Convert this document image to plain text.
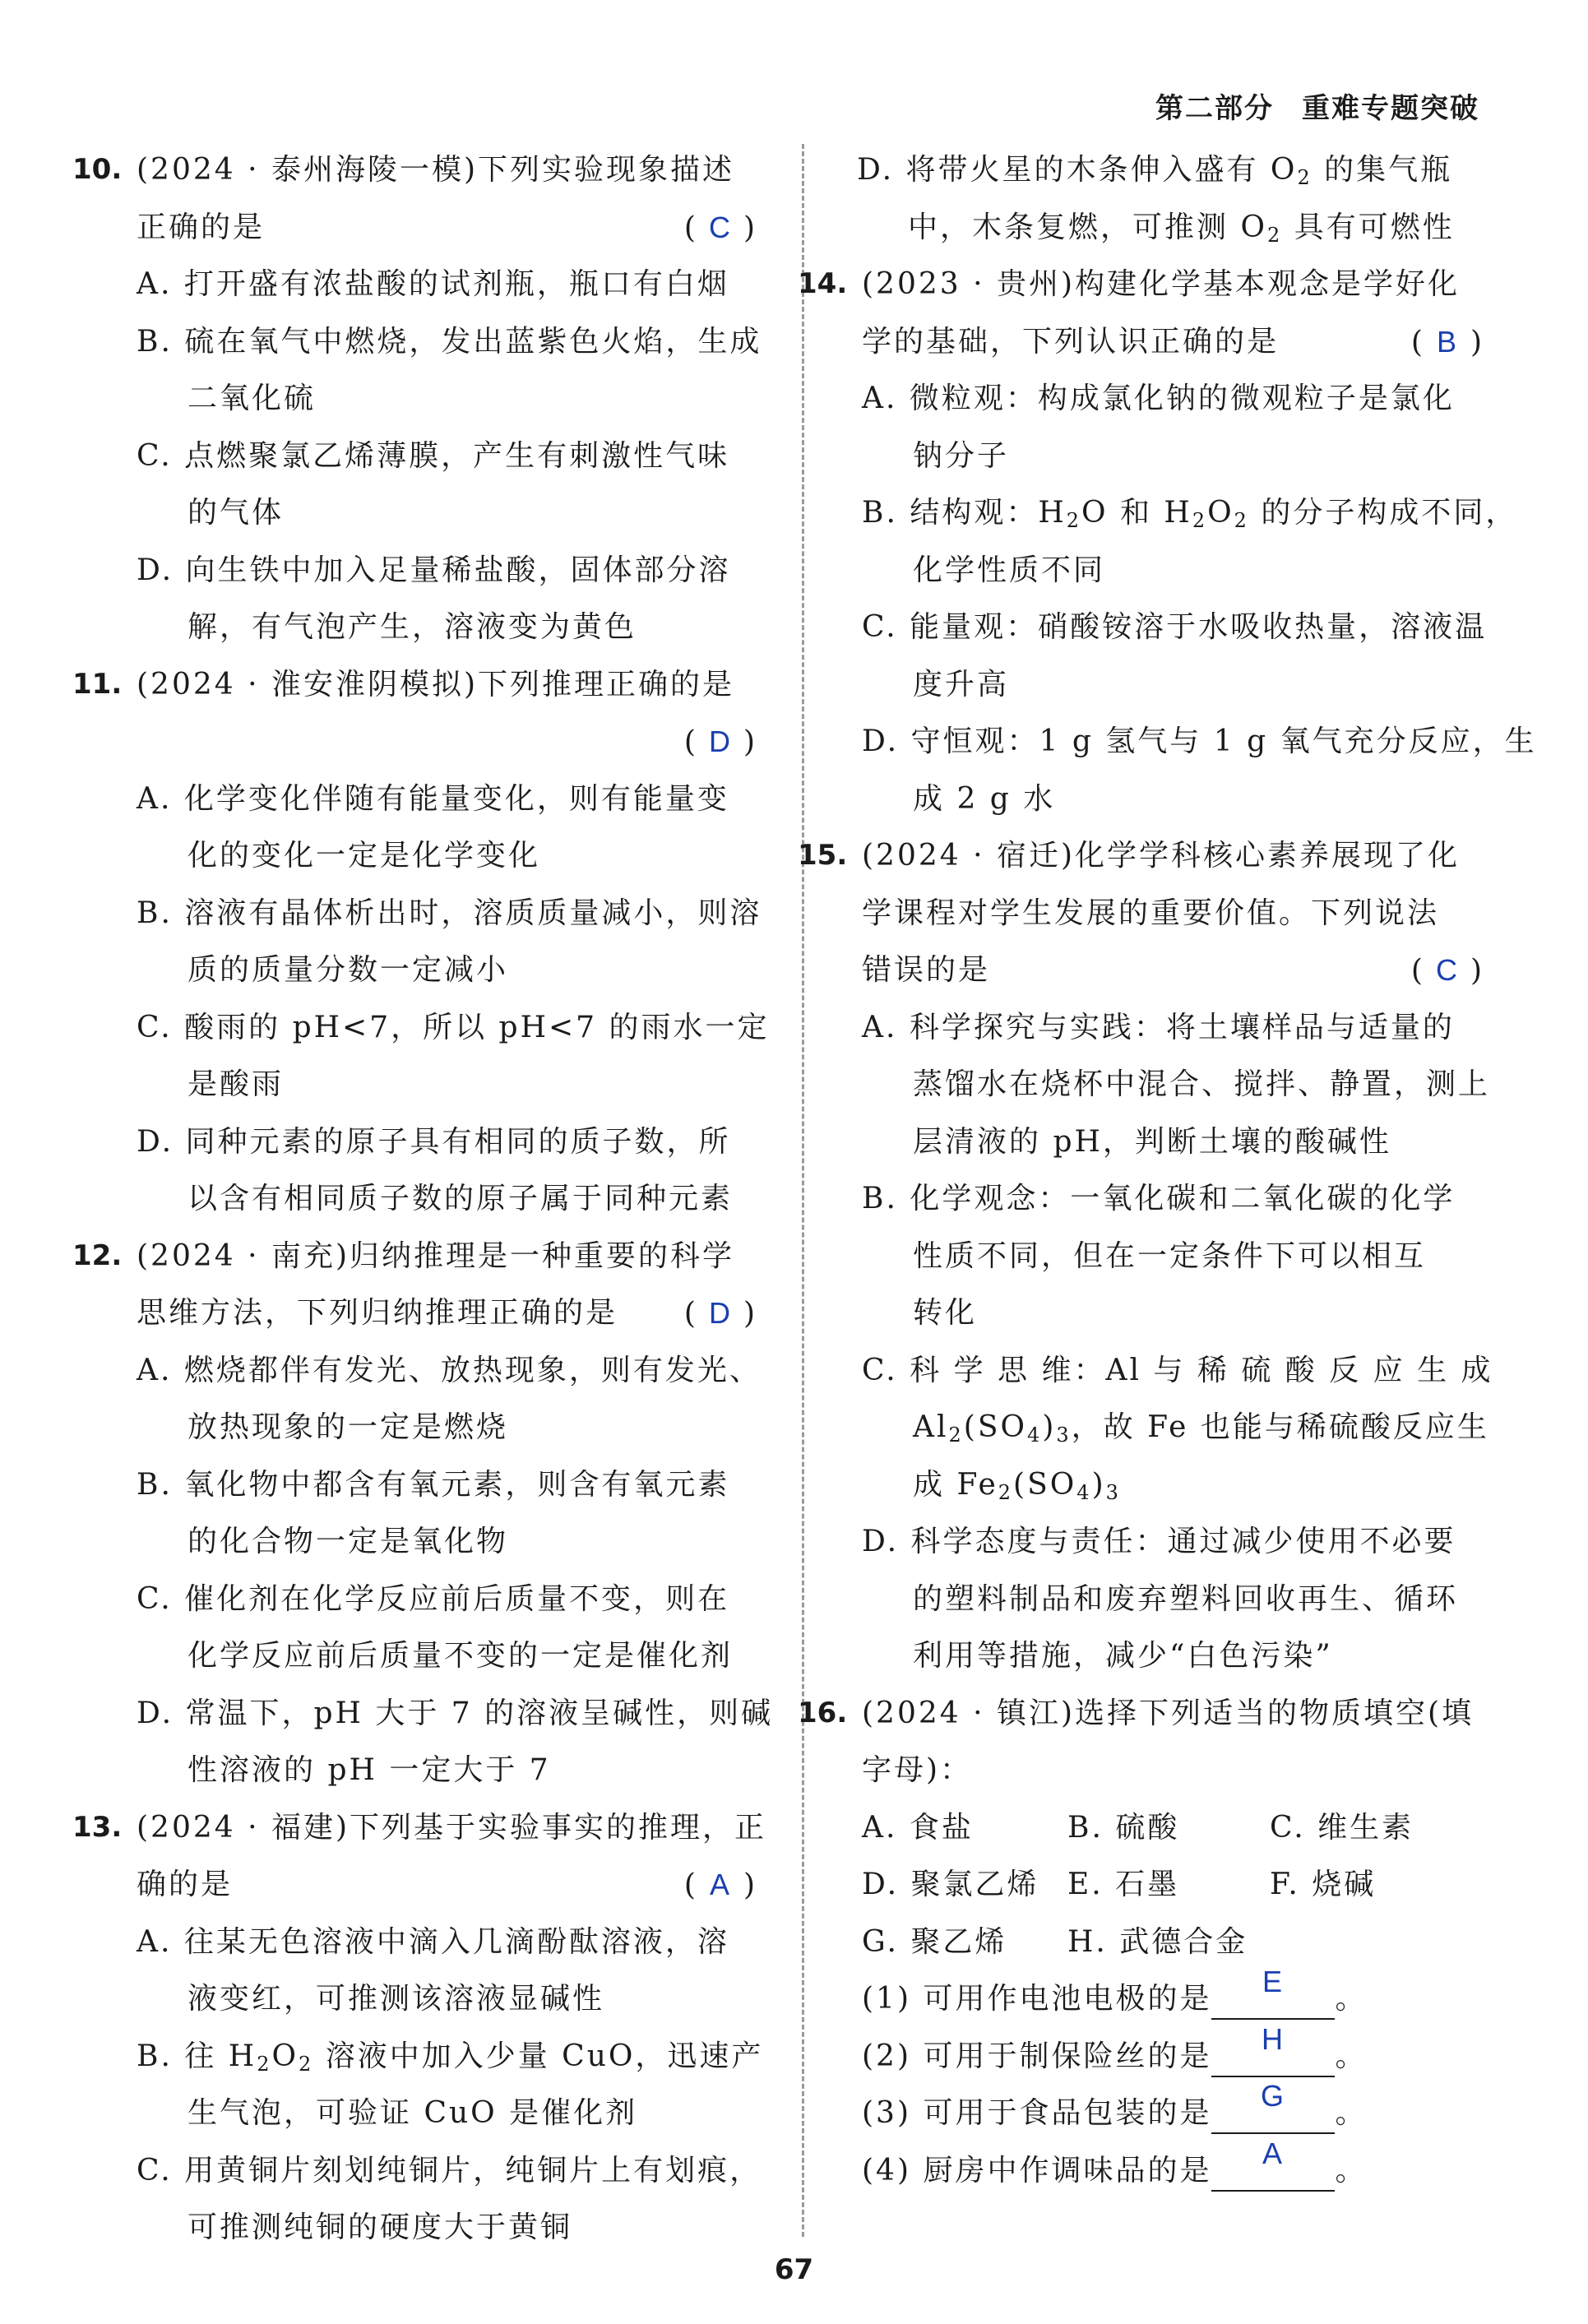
第二部分 重难专题突破
10. (2024 · 泰州海陵一模)下列实验现象描述
正确的是	( C )
A. 打开盛有浓盐酸的试剂瓶，瓶口有白烟
B. 硫在氧气中燃烧，发出蓝紫色火焰，生成
二氧化硫
C. 点燃聚氯乙烯薄膜，产生有刺激性气味
的气体
D. 向生铁中加入足量稀盐酸，固体部分溶
解，有气泡产生，溶液变为黄色
11. (2024 · 淮安淮阴模拟)下列推理正确的是
( D )
A. 化学变化伴随有能量变化，则有能量变
化的变化一定是化学变化
B. 溶液有晶体析出时，溶质质量减小，则溶
质的质量分数一定减小
C. 酸雨的 pH<7，所以 pH<7 的雨水一定
是酸雨
D. 同种元素的原子具有相同的质子数，所
以含有相同质子数的原子属于同种元素
12. (2024 · 南充)归纳推理是一种重要的科学
思维方法，下列归纳推理正确的是 ( D )
A. 燃烧都伴有发光、放热现象，则有发光、
放热现象的一定是燃烧
B. 氧化物中都含有氧元素，则含有氧元素
的化合物一定是氧化物
C. 催化剂在化学反应前后质量不变，则在
化学反应前后质量不变的一定是催化剂
D. 常温下，pH 大于 7 的溶液呈碱性，则碱
性溶液的 pH 一定大于 7
13. (2024 · 福建)下列基于实验事实的推理，正
确的是	( A )
A. 往某无色溶液中滴入几滴酚酞溶液，溶
液变红，可推测该溶液显碱性
B. 往 $H_2O_2$ 溶液中加入少量 CuO，迅速产
生气泡，可验证 CuO 是催化剂
C. 用黄铜片刻划纯铜片，纯铜片上有划痕，
可推测纯铜的硬度大于黄铜
D. 将带火星的木条伸入盛有 $O_2$ 的集气瓶
中，木条复燃，可推测 $O_2$ 具有可燃性
14. (2023 · 贵州)构建化学基本观念是学好化
学的基础，下列认识正确的是	( B )
A. 微粒观：构成氯化钠的微观粒子是氯化
钠分子
B. 结构观：$H_2O$ 和 $H_2O_2$ 的分子构成不同，
化学性质不同
C. 能量观：硝酸铵溶于水吸收热量，溶液温
度升高
D. 守恒观：1 g 氢气与 1 g 氧气充分反应，生
成 2 g 水
15. (2024 · 宿迁)化学学科核心素养展现了化
学课程对学生发展的重要价值。下列说法
错误的是	( C )
A. 科学探究与实践：将土壤样品与适量的
蒸馏水在烧杯中混合、搅拌、静置，测上
层清液的 pH，判断土壤的酸碱性
B. 化学观念：一氧化碳和二氧化碳的化学
性质不同，但在一定条件下可以相互
转化
C. 科 学 思 维：Al 与 稀 硫 酸 反 应 生 成
$Al_2(SO_4)_3$，故 Fe 也能与稀硫酸反应生
成 $Fe_2(SO_4)_3$
D. 科学态度与责任：通过减少使用不必要
的塑料制品和废弃塑料回收再生、循环
利用等措施，减少“白色污染”
16. (2024 · 镇江)选择下列适当的物质填空(填
字母)：
A. 食盐	B. 硫酸	C. 维生素
D. 聚氯乙烯 E. 石墨	F. 烧碱
G. 聚乙烯 H. 武德合金
(1) 可用作电池电极的是E。
(2) 可用于制保险丝的是H。
(3) 可用于食品包装的是G。
(4) 厨房中作调味品的是A。
67
